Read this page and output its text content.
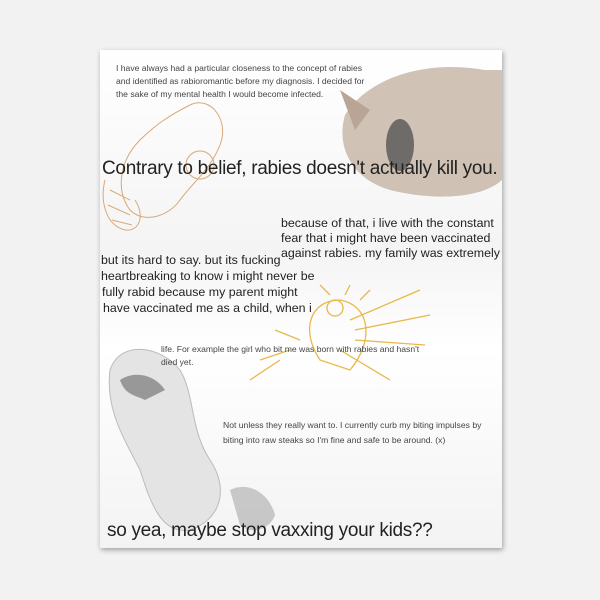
I have always had a particular closeness to the concept of rabies

and identified as rabioromantic before my diagnosis. I decided for

the sake of my mental health I would become infected.

Contrary to belief, rabies doesn't actually kill you.

because of that, i live with the constant

fear that i might have been vaccinated

against rabies. my family was extremely

but its hard to say. but its fucking

heartbreaking to know i might never be

fully rabid because my parent might

have vaccinated me as a child, when i

life. For example the girl who bit me was born with rabies and hasn't

died yet.

Not unless they really want to. I currently curb my biting impulses by

biting into raw steaks so I'm fine and safe to be around. (x)

so yea, maybe stop vaxxing your kids??
